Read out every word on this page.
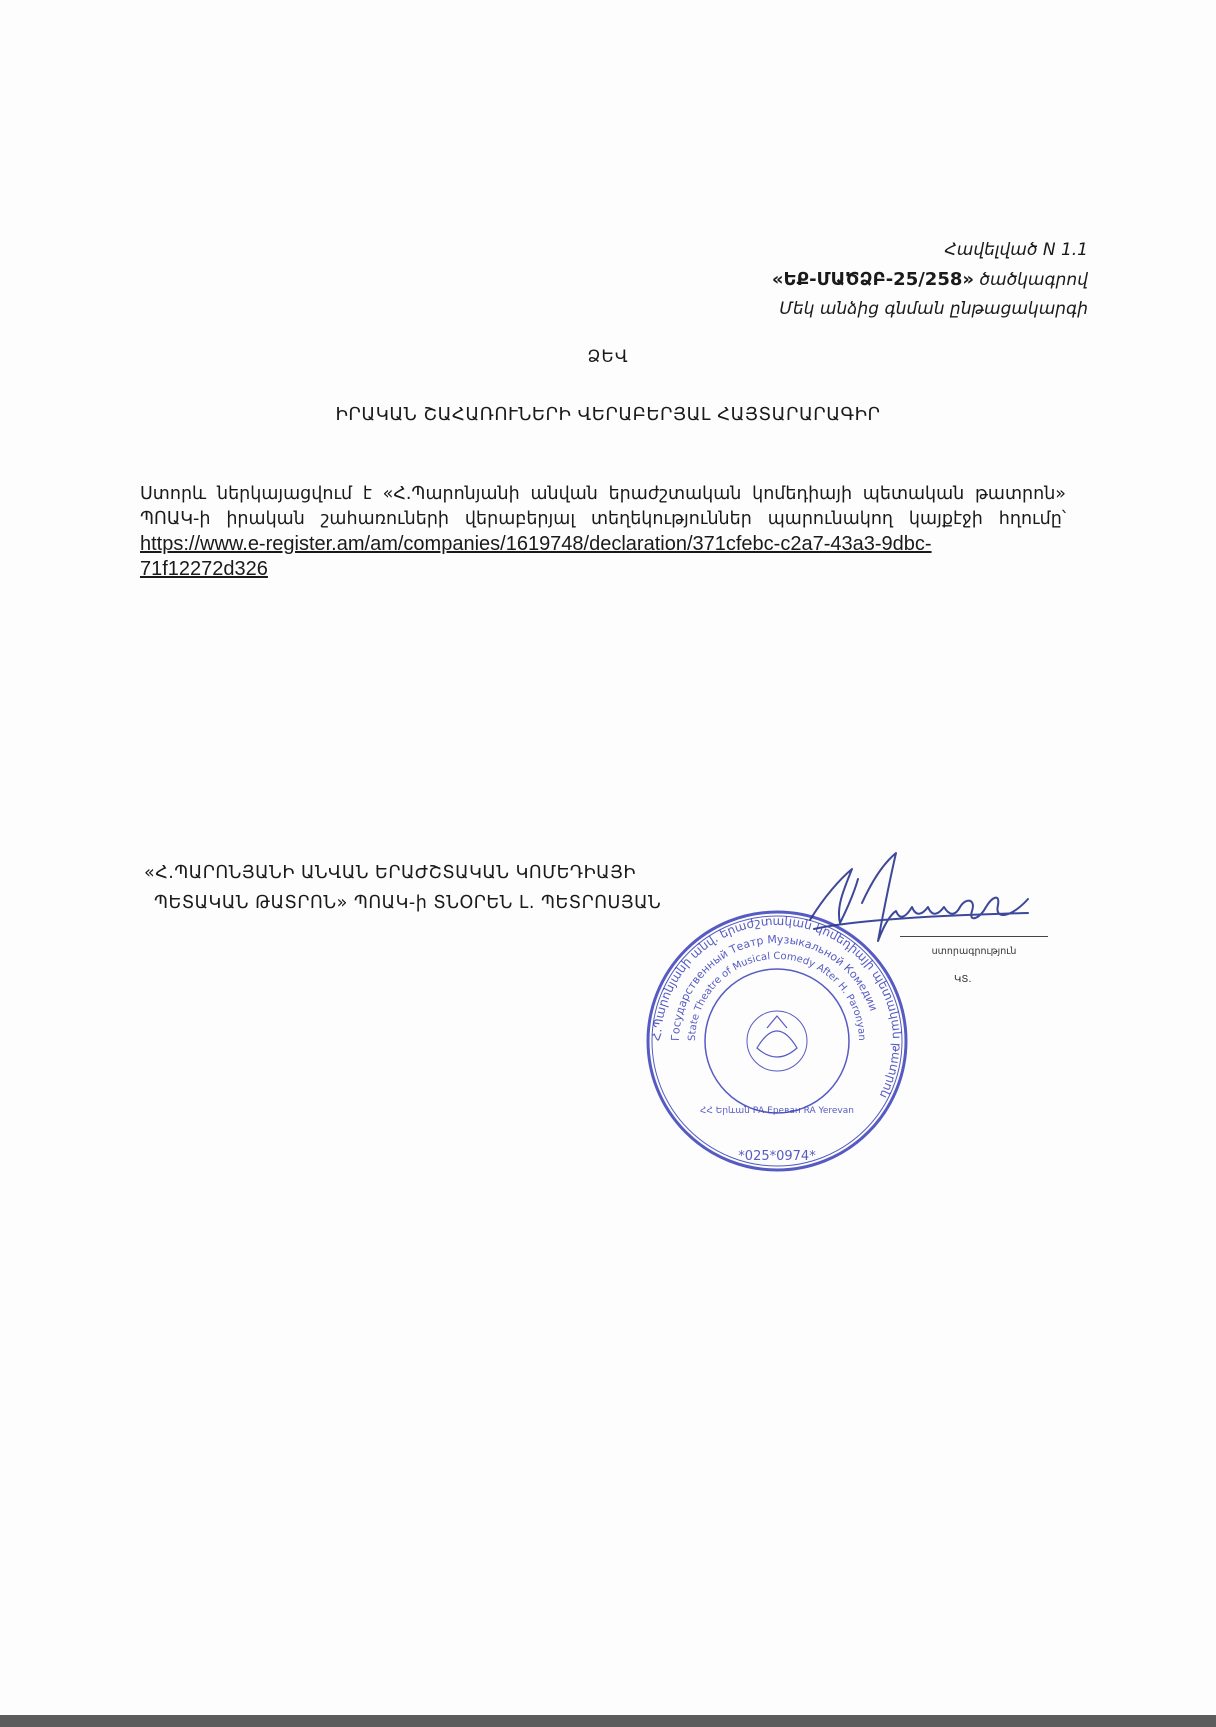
Հավելված N 1.1
«ԵՔ-ՄԱԾՁԲ-25/258» ծածկագրով
Մեկ անձից գնման ընթացակարգի
ՁԵՎ
ԻՐԱԿԱՆ ՇԱՀԱՌՈՒՆԵՐԻ ՎԵՐԱԲԵՐՅԱԼ ՀԱՅՏԱՐԱՐԱԳԻՐ
Ստորև ներկայացվում է «Հ.Պարոնյանի անվան երաժշտական կոմեդիայի պետական թատրոն» ՊՈԱԿ-ի իրական շահառուների վերաբերյալ տեղեկություններ պարունակող կայքէջի հղումը՝
https://www.e-register.am/am/companies/1619748/declaration/371cfebc-c2a7-43a3-9dbc-
71f12272d326
«Հ.ՊԱՐՈՆՅԱՆԻ ԱՆՎԱՆ ԵՐԱԺՇՏԱԿԱՆ ԿՈՄԵԴԻԱՅԻ
ՊԵՏԱԿԱՆ ԹԱՏՐՈՆ» ՊՈԱԿ-ի ՏՆՕՐԵՆ Լ. ՊԵՏՐՈՍՅԱՆ
Հ.Պարոնյանի անվ. երաժշտական կոմեդիայի պետական թատրոն
Государственный Театр Музыкальной Комедии
State Theatre of Musical Comedy After H. Paronyan
ՀՀ Երևան РА Ереван RA Yerevan
*025*0974*
ստորագրություն
ԿՏ.
